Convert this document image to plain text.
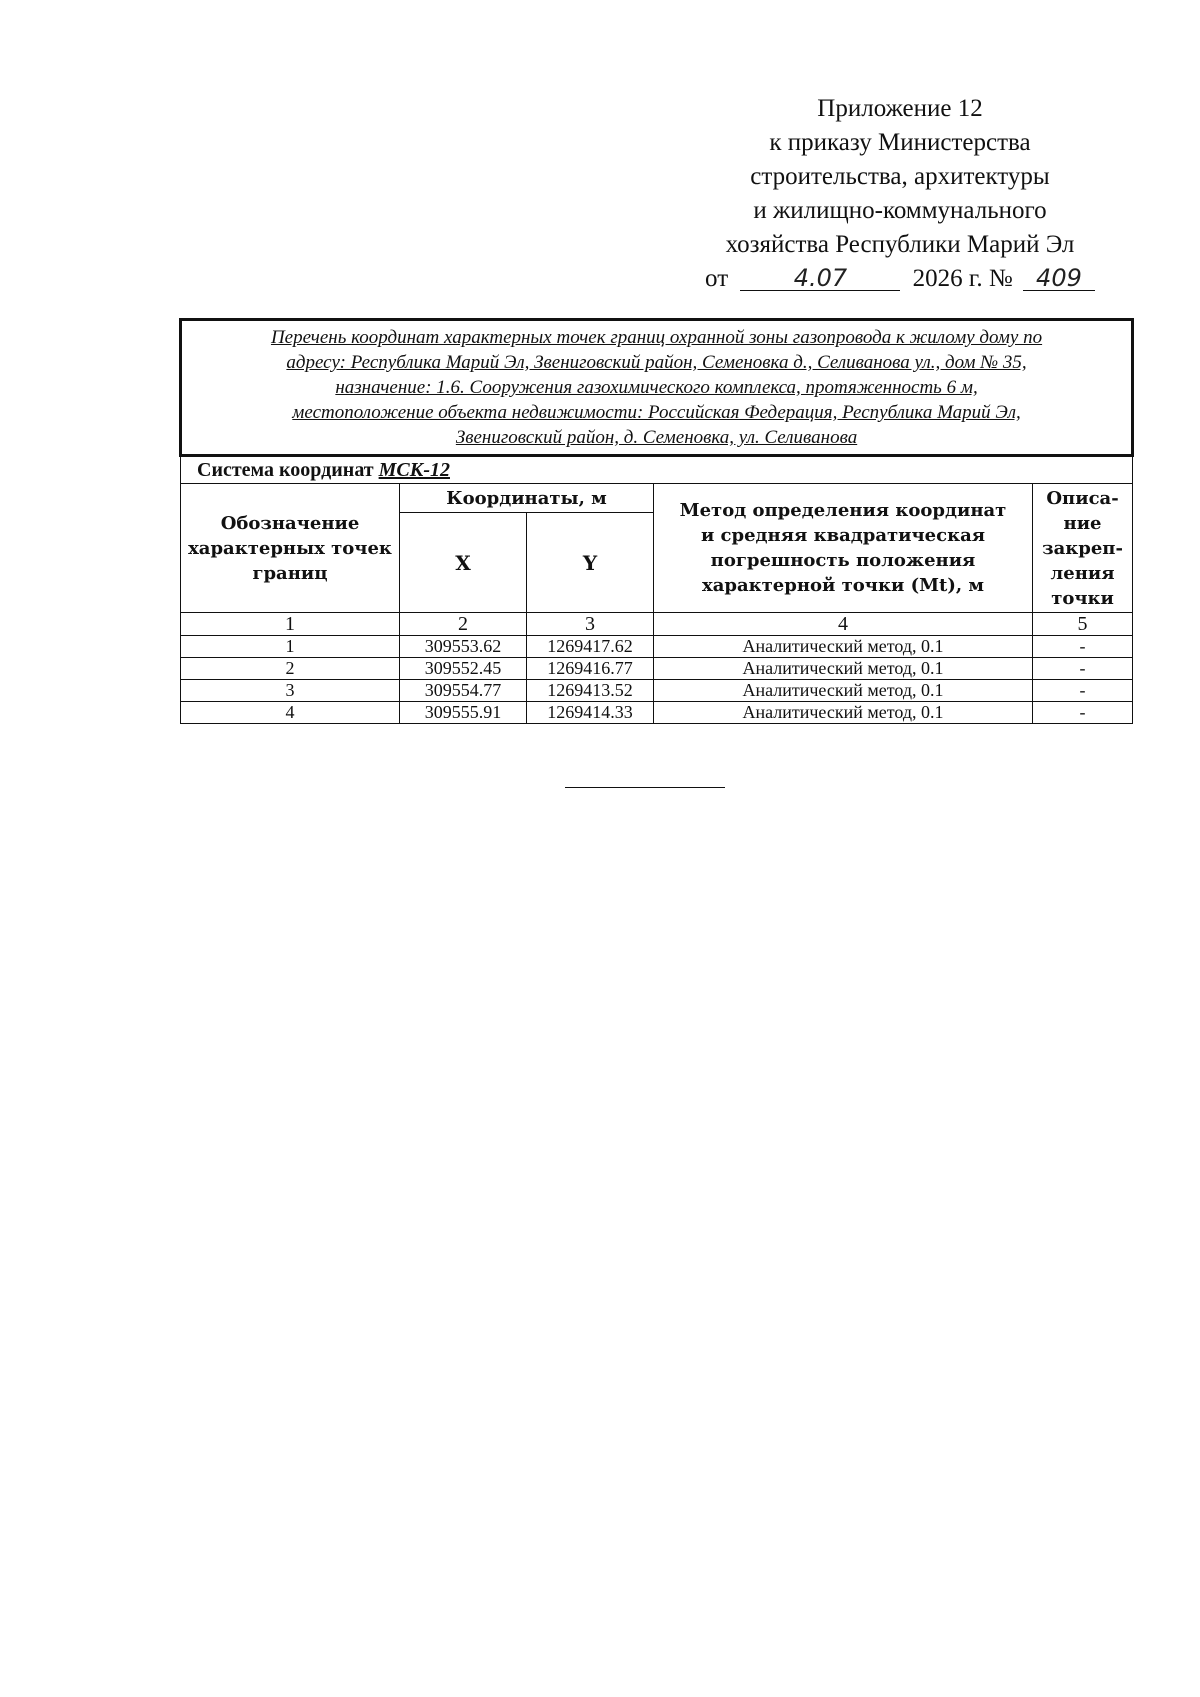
Приложение 12
к приказу Министерства
строительства, архитектуры
и жилищно-коммунального
хозяйства Республики Марий Эл
от	4.07	2026 г. № 409
Перечень координат характерных точек границ охранной зоны газопровода к жилому дому по
адресу: Республика Марий Эл, Звениговский район, Семеновка д., Селиванова ул., дом № 35,
назначение: 1.6. Сооружения газохимического комплекса, протяженность 6 м,
местоположение объекта недвижимости: Российская Федерация, Республика Марий Эл,
Звениговский район, д. Семеновка, ул. Селиванова				
Система координат МСК-12				
Обозначение характерных точек границ	Координаты, м		Метод определения координат и средняя квадратическая погрешность положения характерной точки (Mt), м	Описа-
ние
закреп-
ления
точки
	X	Y		
1	2	3	4	5
1	309553.62	1269417.62	Аналитический метод, 0.1	-
2	309552.45	1269416.77	Аналитический метод, 0.1	-
3	309554.77	1269413.52	Аналитический метод, 0.1	-
4	309555.91	1269414.33	Аналитический метод, 0.1	-
